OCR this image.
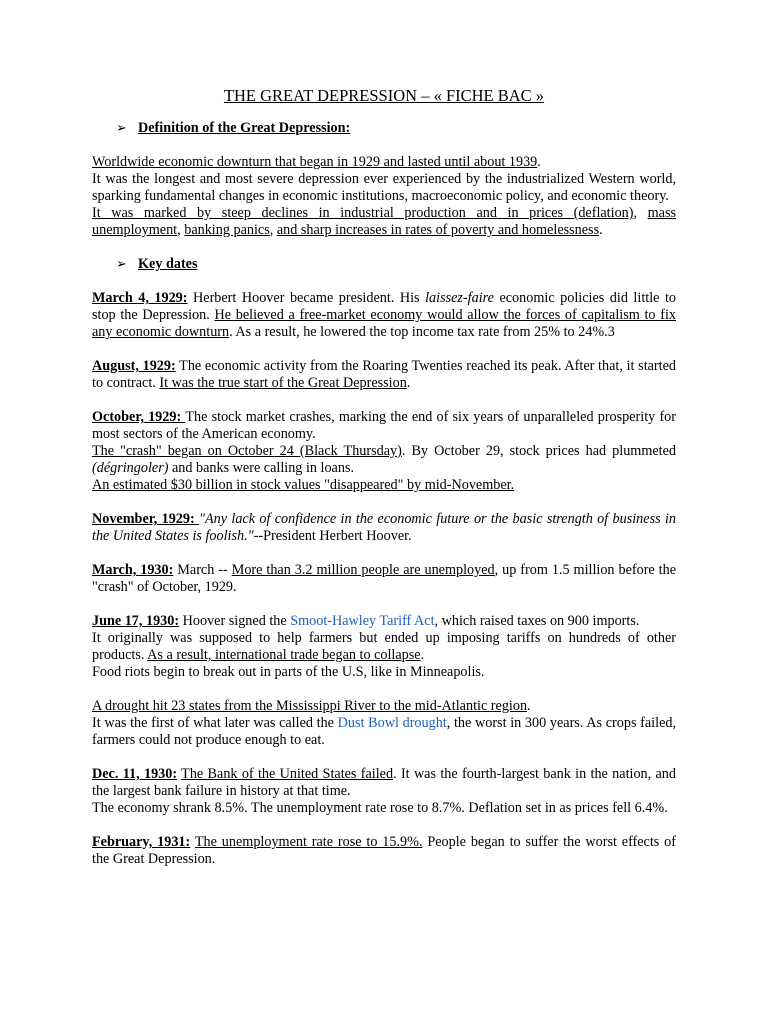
THE GREAT DEPRESSION – « FICHE BAC »
➢ Definition of the Great Depression:

Worldwide economic downturn that began in 1929 and lasted until about 1939.

It was the longest and most severe depression ever experienced by the industrialized Western world, sparking fundamental changes in economic institutions, macroeconomic policy, and economic theory.

It was marked by steep declines in industrial production and in prices (deflation), mass unemployment, banking panics, and sharp increases in rates of poverty and homelessness.

➢ Key dates

March 4, 1929: Herbert Hoover became president. His laissez-faire economic policies did little to stop the Depression. He believed a free-market economy would allow the forces of capitalism to fix any economic downturn. As a result, he lowered the top income tax rate from 25% to 24%.3

August, 1929: The economic activity from the Roaring Twenties reached its peak. After that, it started to contract. It was the true start of the Great Depression.

October, 1929: The stock market crashes, marking the end of six years of unparalleled prosperity for most sectors of the American economy.

The "crash" began on October 24 (Black Thursday). By October 29, stock prices had plummeted (dégringoler) and banks were calling in loans.

An estimated $30 billion in stock values "disappeared" by mid-November.

November, 1929: "Any lack of confidence in the economic future or the basic strength of business in the United States is foolish."--President Herbert Hoover.

March, 1930: March -- More than 3.2 million people are unemployed, up from 1.5 million before the "crash" of October, 1929.

June 17, 1930: Hoover signed the Smoot-Hawley Tariff Act, which raised taxes on 900 imports.

It originally was supposed to help farmers but ended up imposing tariffs on hundreds of other products. As a result, international trade began to collapse.

Food riots begin to break out in parts of the U.S, like in Minneapolis.

A drought hit 23 states from the Mississippi River to the mid-Atlantic region.

It was the first of what later was called the Dust Bowl drought, the worst in 300 years. As crops failed, farmers could not produce enough to eat.

Dec. 11, 1930: The Bank of the United States failed. It was the fourth-largest bank in the nation, and the largest bank failure in history at that time.

The economy shrank 8.5%. The unemployment rate rose to 8.7%. Deflation set in as prices fell 6.4%.

February, 1931: The unemployment rate rose to 15.9%. People began to suffer the worst effects of the Great Depression.
